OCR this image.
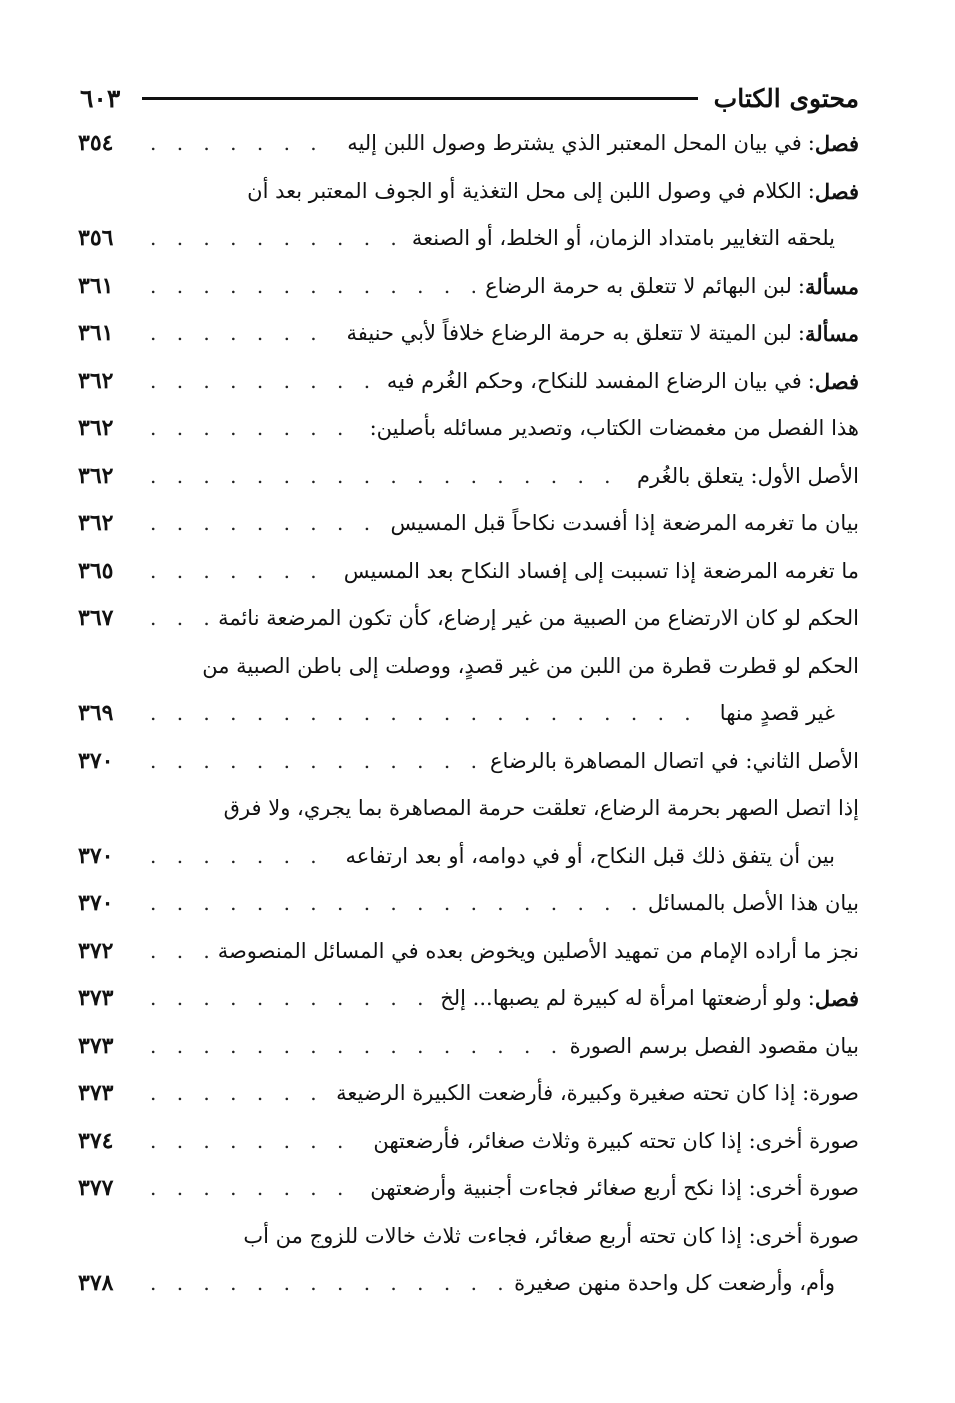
محتوى الكتاب
٦٠٣
فصل
:
في بيان المحل المعتبر الذي يشترط وصول اللبن إليه
. . .
٣٥٤
فصل
:
الكلام في وصول اللبن إلى محل التغذية أو الجوف المعتبر بعد أن
يلحقه التغايير بامتداد الزمان، أو الخلط، أو الصنعة
. . .
٣٥٦
مسألة
:
لبن البهائم لا تتعلق به حرمة الرضاع
. . .
٣٦١
مسألة
:
لبن الميتة لا تتعلق به حرمة الرضاع خلافاً لأبي حنيفة
. . .
٣٦١
فصل
:
في بيان الرضاع المفسد للنكاح، وحكم الغُرم فيه
. . .
٣٦٢
هذا الفصل من مغمضات الكتاب، وتصدير مسائله بأصلين:
. . .
٣٦٢
الأصل الأول: يتعلق بالغُرم
. . .
٣٦٢
بيان ما تغرمه المرضعة إذا أفسدت نكاحاً قبل المسيس
. . .
٣٦٢
ما تغرمه المرضعة إذا تسببت إلى إفساد النكاح بعد المسيس
. . .
٣٦٥
الحكم لو كان الارتضاع من الصبية من غير إرضاع، كأن تكون المرضعة نائمة
. . .
٣٦٧
الحكم لو قطرت قطرة من اللبن من غير قصدٍ، ووصلت إلى باطن الصبية من
غير قصدٍ منها
. . .
٣٦٩
الأصل الثاني: في اتصال المصاهرة بالرضاع
. . .
٣٧٠
إذا اتصل الصهر بحرمة الرضاع، تعلقت حرمة المصاهرة بما يجري، ولا فرق
بين أن يتفق ذلك قبل النكاح، أو في دوامه، أو بعد ارتفاعه
. . .
٣٧٠
بيان هذا الأصل بالمسائل
. . .
٣٧٠
نجز ما أراده الإمام من تمهيد الأصلين ويخوض بعده في المسائل المنصوصة
. . .
٣٧٢
فصل
:
ولو أرضعتها امرأة له كبيرة لم يصبها... إلخ
. . .
٣٧٣
بيان مقصود الفصل برسم الصورة
. . .
٣٧٣
صورة: إذا كان تحته صغيرة وكبيرة، فأرضعت الكبيرة الرضيعة
. . .
٣٧٣
صورة أخرى: إذا كان تحته كبيرة وثلاث صغائر، فأرضعتهن
. . .
٣٧٤
صورة أخرى: إذا نكح أربع صغائر فجاءت أجنبية وأرضعتهن
. . .
٣٧٧
صورة أخرى: إذا كان تحته أربع صغائر، فجاءت ثلاث خالات للزوج من أب
وأم، وأرضعت كل واحدة منهن صغيرة
. . .
٣٧٨
